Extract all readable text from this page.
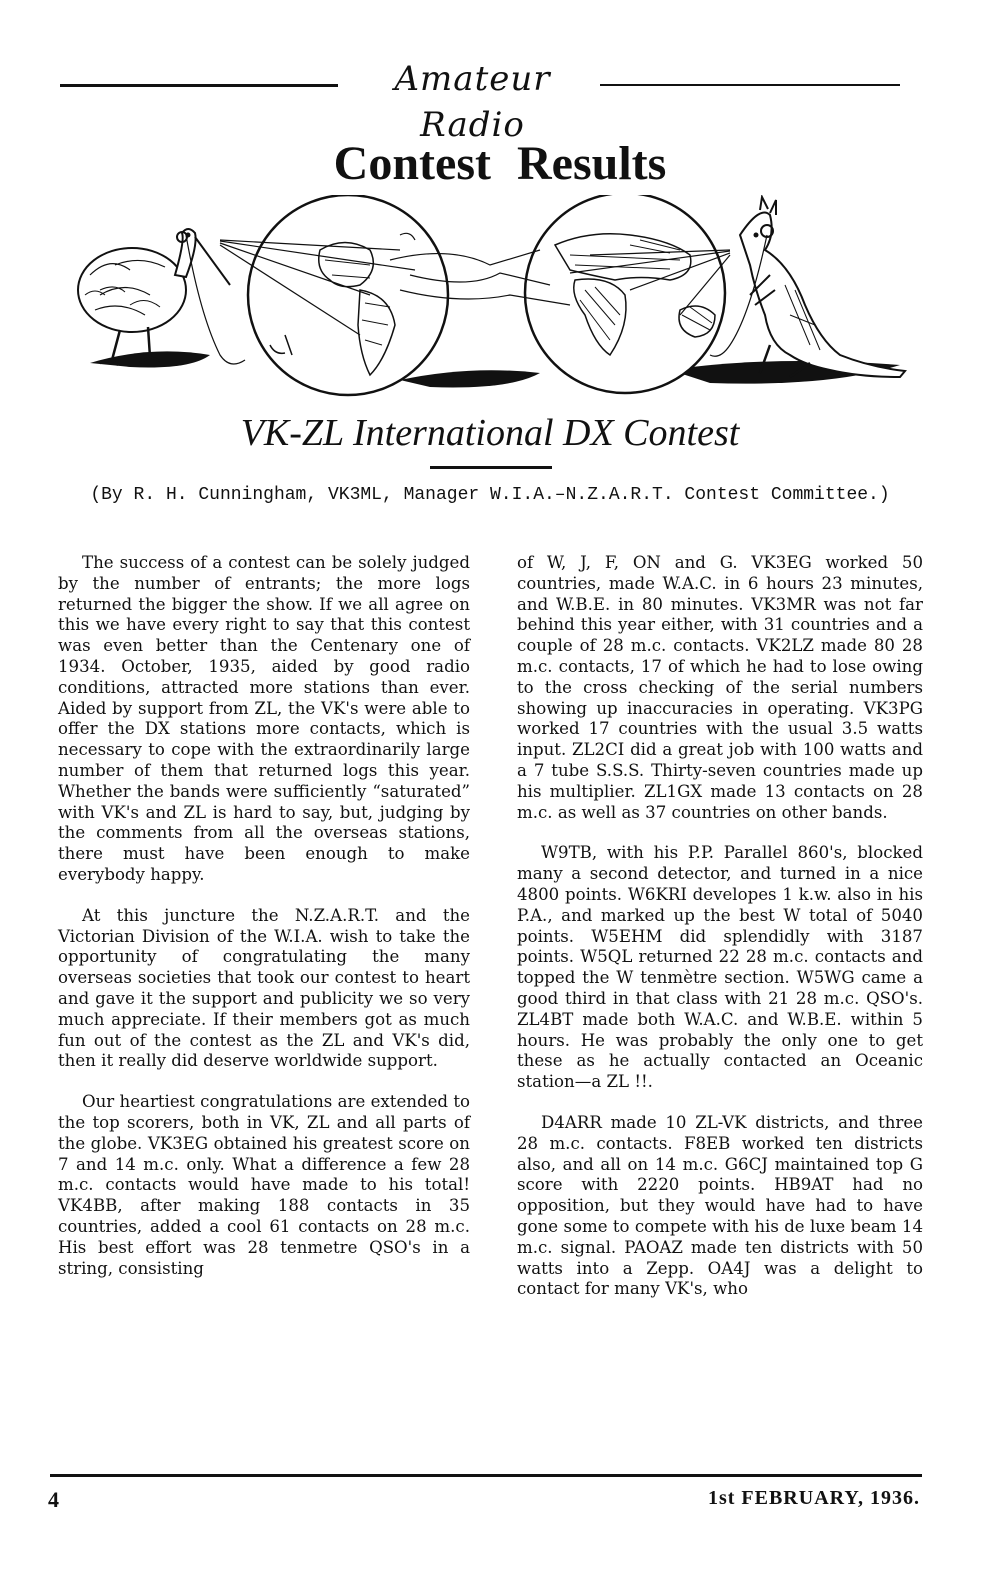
Amateur Radio
Contest Results
VK-ZL International DX Contest
(By R. H. Cunningham, VK3ML, Manager W.I.A.–N.Z.A.R.T. Contest Committee.)

The success of a contest can be solely judged by the number of entrants; the more logs returned the bigger the show. If we all agree on this we have every right to say that this contest was even better than the Centenary one of 1934. October, 1935, aided by good radio conditions, attracted more stations than ever. Aided by support from ZL, the VK's were able to offer the DX stations more contacts, which is necessary to cope with the extraordinarily large number of them that returned logs this year. Whether the bands were sufficiently “saturated” with VK's and ZL is hard to say, but, judging by the comments from all the overseas stations, there must have been enough to make everybody happy.

At this juncture the N.Z.A.R.T. and the Victorian Division of the W.I.A. wish to take the opportunity of congratulating the many overseas societies that took our contest to heart and gave it the support and publicity we so very much appreciate. If their members got as much fun out of the contest as the ZL and VK's did, then it really did deserve worldwide support.

Our heartiest congratulations are extended to the top scorers, both in VK, ZL and all parts of the globe. VK3EG obtained his greatest score on 7 and 14 m.c. only. What a difference a few 28 m.c. contacts would have made to his total! VK4BB, after making 188 contacts in 35 countries, added a cool 61 contacts on 28 m.c. His best effort was 28 tenmetre QSO's in a string, consisting

of W, J, F, ON and G. VK3EG worked 50 countries, made W.A.C. in 6 hours 23 minutes, and W.B.E. in 80 minutes. VK3MR was not far behind this year either, with 31 countries and a couple of 28 m.c. contacts. VK2LZ made 80 28 m.c. contacts, 17 of which he had to lose owing to the cross checking of the serial numbers showing up inaccuracies in operating. VK3PG worked 17 countries with the usual 3.5 watts input. ZL2CI did a great job with 100 watts and a 7 tube S.S.S. Thirty-seven countries made up his multiplier. ZL1GX made 13 contacts on 28 m.c. as well as 37 countries on other bands.

W9TB, with his P.P. Parallel 860's, blocked many a second detector, and turned in a nice 4800 points. W6KRI developes 1 k.w. also in his P.A., and marked up the best W total of 5040 points. W5EHM did splendidly with 3187 points. W5QL returned 22 28 m.c. contacts and topped the W tenmètre section. W5WG came a good third in that class with 21 28 m.c. QSO's. ZL4BT made both W.A.C. and W.B.E. within 5 hours. He was probably the only one to get these as he actually contacted an Oceanic station—a ZL !!.

D4ARR made 10 ZL-VK districts, and three 28 m.c. contacts. F8EB worked ten districts also, and all on 14 m.c. G6CJ maintained top G score with 2220 points. HB9AT had no opposition, but they would have had to have gone some to compete with his de luxe beam 14 m.c. signal. PAOAZ made ten districts with 50 watts into a Zepp. OA4J was a delight to contact for many VK's, who

4	1st FEBRUARY, 1936.
